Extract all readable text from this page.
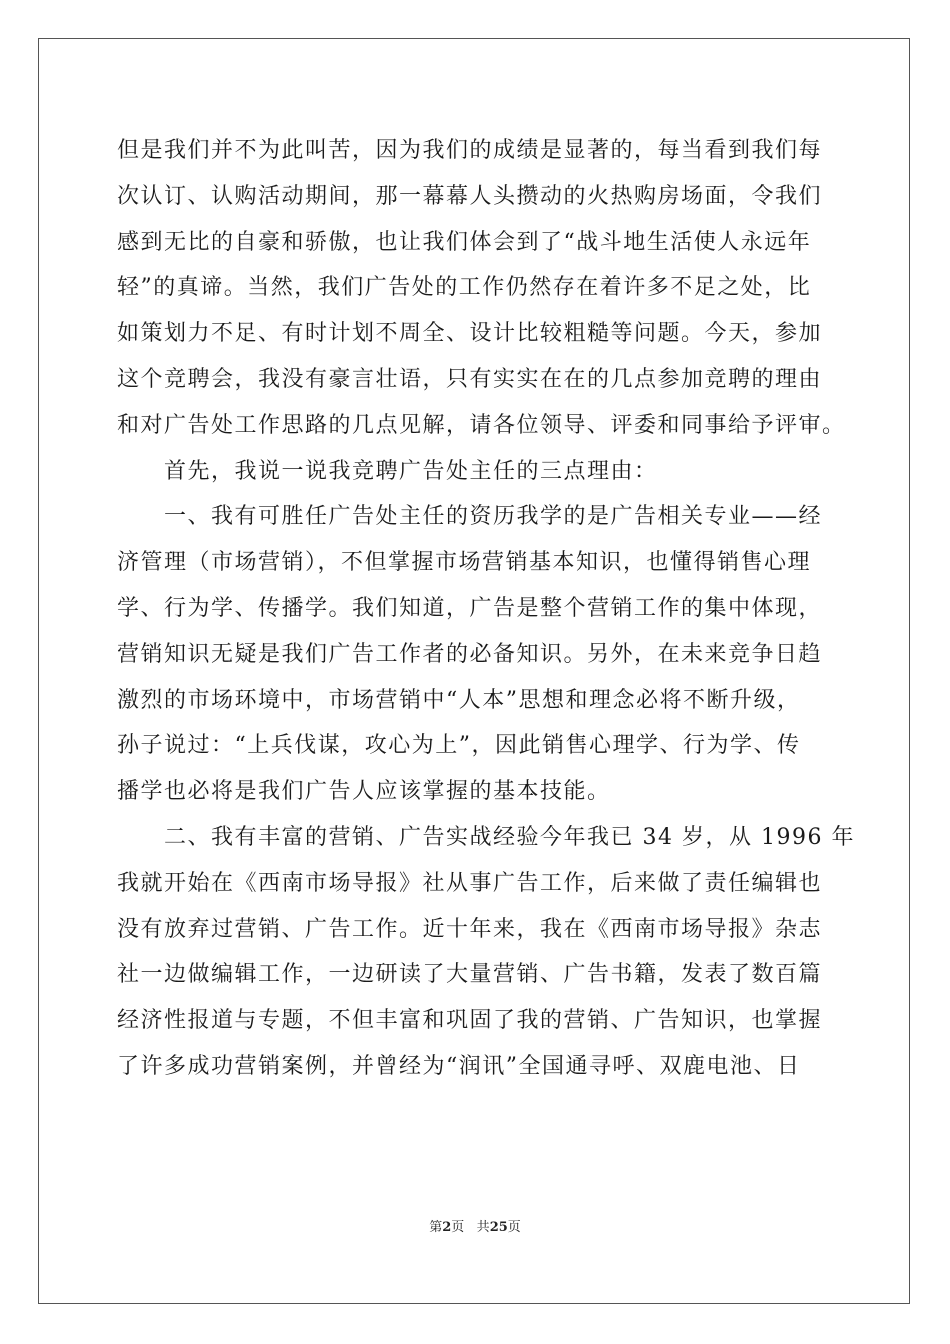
但是我们并不为此叫苦，因为我们的成绩是显著的，每当看到我们每
次认订、认购活动期间，那一幕幕人头攒动的火热购房场面，令我们
感到无比的自豪和骄傲，也让我们体会到了“战斗地生活使人永远年
轻”的真谛。当然，我们广告处的工作仍然存在着许多不足之处，比
如策划力不足、有时计划不周全、设计比较粗糙等问题。今天，参加
这个竞聘会，我没有豪言壮语，只有实实在在的几点参加竞聘的理由
和对广告处工作思路的几点见解，请各位领导、评委和同事给予评审。
首先，我说一说我竞聘广告处主任的三点理由：
一、我有可胜任广告处主任的资历我学的是广告相关专业——经
济管理（市场营销），不但掌握市场营销基本知识，也懂得销售心理
学、行为学、传播学。我们知道，广告是整个营销工作的集中体现，
营销知识无疑是我们广告工作者的必备知识。另外，在未来竞争日趋
激烈的市场环境中，市场营销中“人本”思想和理念必将不断升级，
孙子说过：“上兵伐谋，攻心为上”，因此销售心理学、行为学、传
播学也必将是我们广告人应该掌握的基本技能。
二、我有丰富的营销、广告实战经验今年我已 34 岁，从 1996 年
我就开始在《西南市场导报》社从事广告工作，后来做了责任编辑也
没有放弃过营销、广告工作。近十年来，我在《西南市场导报》杂志
社一边做编辑工作，一边研读了大量营销、广告书籍，发表了数百篇
经济性报道与专题，不但丰富和巩固了我的营销、广告知识，也掌握
了许多成功营销案例，并曾经为“润讯”全国通寻呼、双鹿电池、日
第2页 共25页
